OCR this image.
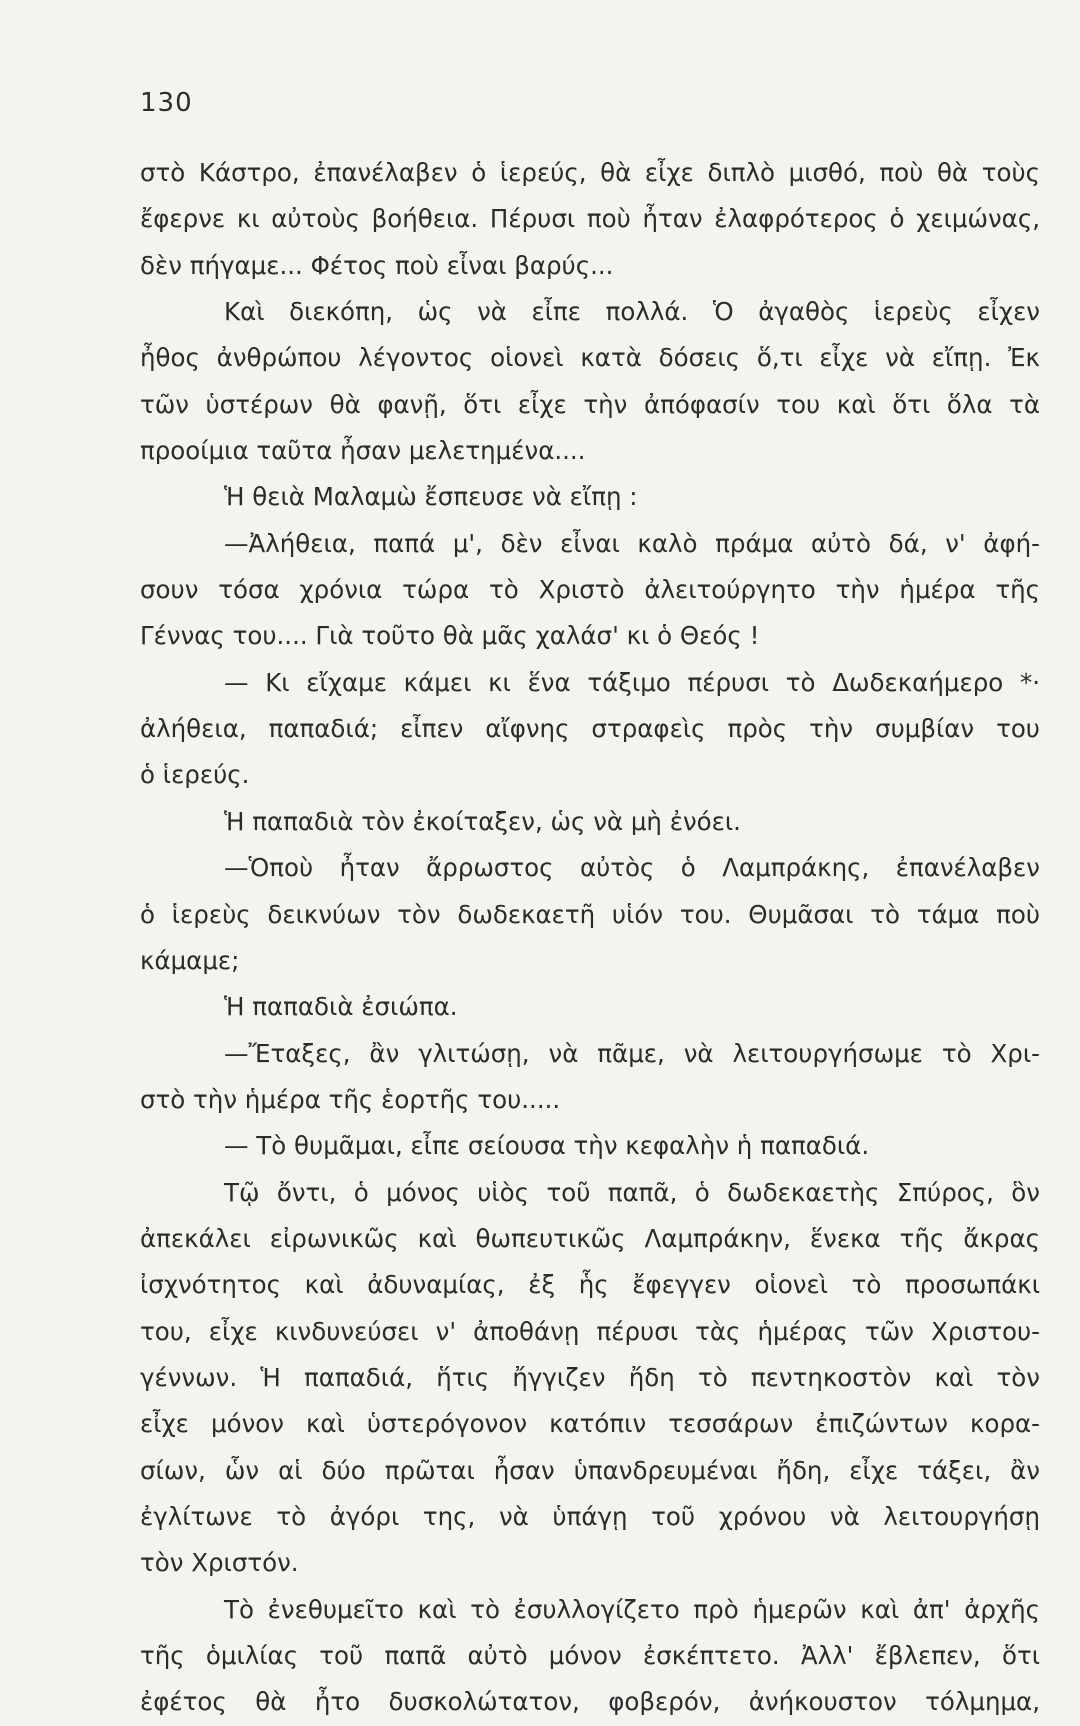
130
στὸ Κάστρο, ἐπανέλαβεν ὁ ἱερεύς, θὰ εἶχε διπλὸ μισθό, ποὺ θὰ τοὺς
ἔφερνε κι αὐτοὺς βοήθεια. Πέρυσι ποὺ ἦταν ἐλαφρότερος ὁ χειμώνας,
δὲν πήγαμε... Φέτος ποὺ εἶναι βαρύς...
Καὶ διεκόπη, ὡς νὰ εἶπε πολλά. Ὁ ἀγαθὸς ἱερεὺς εἶχεν
ἦθος ἀνθρώπου λέγοντος οἱονεὶ κατὰ δόσεις ὅ,τι εἶχε νὰ εἴπῃ. Ἐκ
τῶν ὑστέρων θὰ φανῇ, ὅτι εἶχε τὴν ἀπόφασίν του καὶ ὅτι ὅλα τὰ
προοίμια ταῦτα ἦσαν μελετημένα....
Ἡ θειὰ Μαλαμὼ ἔσπευσε νὰ εἴπῃ :
—Ἀλήθεια, παπά μ', δὲν εἶναι καλὸ πράμα αὐτὸ δά, ν' ἀφή-
σουν τόσα χρόνια τώρα τὸ Χριστὸ ἀλειτούργητο τὴν ἡμέρα τῆς
Γέννας του.... Γιὰ τοῦτο θὰ μᾶς χαλάσ' κι ὁ Θεός !
— Κι εἴχαμε κάμει κι ἕνα τάξιμο πέρυσι τὸ Δωδεκαήμερο *·
ἀλήθεια, παπαδιά; εἶπεν αἴφνης στραφεὶς πρὸς τὴν συμβίαν του
ὁ ἱερεύς.
Ἡ παπαδιὰ τὸν ἐκοίταξεν, ὡς νὰ μὴ ἐνόει.
—Ὁποὺ ἦταν ἄρρωστος αὐτὸς ὁ Λαμπράκης, ἐπανέλαβεν
ὁ ἱερεὺς δεικνύων τὸν δωδεκαετῆ υἱόν του. Θυμᾶσαι τὸ τάμα ποὺ
κάμαμε;
Ἡ παπαδιὰ ἐσιώπα.
—Ἔταξες, ἂν γλιτώσῃ, νὰ πᾶμε, νὰ λειτουργήσωμε τὸ Χρι-
στὸ τὴν ἡμέρα τῆς ἑορτῆς του.....
— Τὸ θυμᾶμαι, εἶπε σείουσα τὴν κεφαλὴν ἡ παπαδιά.
Τῷ ὄντι, ὁ μόνος υἱὸς τοῦ παπᾶ, ὁ δωδεκαετὴς Σπύρος, ὃν
ἀπεκάλει εἰρωνικῶς καὶ θωπευτικῶς Λαμπράκην, ἕνεκα τῆς ἄκρας
ἰσχνότητος καὶ ἀδυναμίας, ἐξ ἧς ἔφεγγεν οἱονεὶ τὸ προσωπάκι
του, εἶχε κινδυνεύσει ν' ἀποθάνῃ πέρυσι τὰς ἡμέρας τῶν Χριστου-
γέννων. Ἡ παπαδιά, ἥτις ἤγγιζεν ἤδη τὸ πεντηκοστὸν καὶ τὸν
εἶχε μόνον καὶ ὑστερόγονον κατόπιν τεσσάρων ἐπιζώντων κορα-
σίων, ὧν αἱ δύο πρῶται ἦσαν ὑπανδρευμέναι ἤδη, εἶχε τάξει, ἂν
ἐγλίτωνε τὸ ἀγόρι της, νὰ ὑπάγῃ τοῦ χρόνου νὰ λειτουργήσῃ
τὸν Χριστόν.
Τὸ ἐνεθυμεῖτο καὶ τὸ ἐσυλλογίζετο πρὸ ἡμερῶν καὶ ἀπ' ἀρχῆς
τῆς ὁμιλίας τοῦ παπᾶ αὐτὸ μόνον ἐσκέπτετο. Ἀλλ' ἔβλεπεν, ὅτι
ἐφέτος θὰ ἦτο δυσκολώτατον, φοβερόν, ἀνήκουστον τόλμημα,
